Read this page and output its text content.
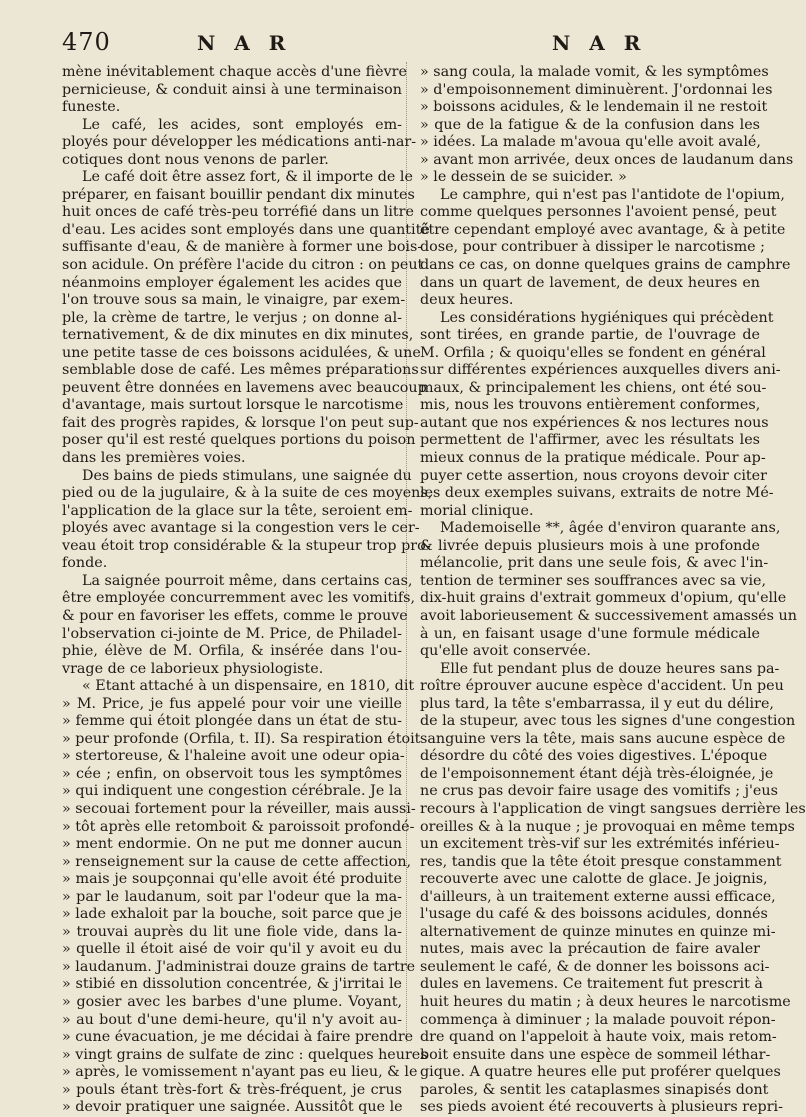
470	N A R	N A R
mène inévitablement chaque accès d'une fièvre
pernicieuse, & conduit ainsi à une terminaison
funeste.
Le café, les acides, sont employés em-
ployés pour développer les médications anti-nar-
cotiques dont nous venons de parler.
Le café doit être assez fort, & il importe de le
préparer, en faisant bouillir pendant dix minutes
huit onces de café très-peu torréfié dans un litre
d'eau. Les acides sont employés dans une quantité
suffisante d'eau, & de manière à former une bois-
son acidule. On préfère l'acide du citron : on peut
néanmoins employer également les acides que
l'on trouve sous sa main, le vinaigre, par exem-
ple, la crème de tartre, le verjus ; on donne al-
ternativement, & de dix minutes en dix minutes,
une petite tasse de ces boissons acidulées, & une
semblable dose de café. Les mêmes préparations
peuvent être données en lavemens avec beaucoup
d'avantage, mais surtout lorsque le narcotisme
fait des progrès rapides, & lorsque l'on peut sup-
poser qu'il est resté quelques portions du poison
dans les premières voies.
Des bains de pieds stimulans, une saignée du
pied ou de la jugulaire, & à la suite de ces moyens,
l'application de la glace sur la tête, seroient em-
ployés avec avantage si la congestion vers le cer-
veau étoit trop considérable & la stupeur trop pro-
fonde.
La saignée pourroit même, dans certains cas,
être employée concurremment avec les vomitifs,
& pour en favoriser les effets, comme le prouve
l'observation ci-jointe de M. Price, de Philadel-
phie, élève de M. Orfila, & insérée dans l'ou-
vrage de ce laborieux physiologiste.
« Etant attaché à un dispensaire, en 1810, dit
» M. Price, je fus appelé pour voir une vieille
» femme qui étoit plongée dans un état de stu-
» peur profonde (Orfila, t. II). Sa respiration étoit
» stertoreuse, & l'haleine avoit une odeur opia-
» cée ; enfin, on observoit tous les symptômes
» qui indiquent une congestion cérébrale. Je la
» secouai fortement pour la réveiller, mais aussi-
» tôt après elle retomboit & paroissoit profondé-
» ment endormie. On ne put me donner aucun
» renseignement sur la cause de cette affection,
» mais je soupçonnai qu'elle avoit été produite
» par le laudanum, soit par l'odeur que la ma-
» lade exhaloit par la bouche, soit parce que je
» trouvai auprès du lit une fiole vide, dans la-
» quelle il étoit aisé de voir qu'il y avoit eu du
» laudanum. J'administrai douze grains de tartre
» stibié en dissolution concentrée, & j'irritai le
» gosier avec les barbes d'une plume. Voyant,
» au bout d'une demi-heure, qu'il n'y avoit au-
» cune évacuation, je me décidai à faire prendre
» vingt grains de sulfate de zinc : quelques heures
» après, le vomissement n'ayant pas eu lieu, & le
» pouls étant très-fort & très-fréquent, je crus
» devoir pratiquer une saignée. Aussitôt que le
» sang coula, la malade vomit, & les symptômes
» d'empoisonnement diminuèrent. J'ordonnai les
» boissons acidules, & le lendemain il ne restoit
» que de la fatigue & de la confusion dans les
» idées. La malade m'avoua qu'elle avoit avalé,
» avant mon arrivée, deux onces de laudanum dans
» le dessein de se suicider. »
Le camphre, qui n'est pas l'antidote de l'opium,
comme quelques personnes l'avoient pensé, peut
être cependant employé avec avantage, & à petite
dose, pour contribuer à dissiper le narcotisme ;
dans ce cas, on donne quelques grains de camphre
dans un quart de lavement, de deux heures en
deux heures.
Les considérations hygiéniques qui précèdent
sont tirées, en grande partie, de l'ouvrage de
M. Orfila ; & quoiqu'elles se fondent en général
sur différentes expériences auxquelles divers ani-
maux, & principalement les chiens, ont été sou-
mis, nous les trouvons entièrement conformes,
autant que nos expériences & nos lectures nous
permettent de l'affirmer, avec les résultats les
mieux connus de la pratique médicale. Pour ap-
puyer cette assertion, nous croyons devoir citer
les deux exemples suivans, extraits de notre Mé-
morial clinique.
Mademoiselle **, âgée d'environ quarante ans,
& livrée depuis plusieurs mois à une profonde
mélancolie, prit dans une seule fois, & avec l'in-
tention de terminer ses souffrances avec sa vie,
dix-huit grains d'extrait gommeux d'opium, qu'elle
avoit laborieusement & successivement amassés un
à un, en faisant usage d'une formule médicale
qu'elle avoit conservée.
Elle fut pendant plus de douze heures sans pa-
roître éprouver aucune espèce d'accident. Un peu
plus tard, la tête s'embarrassa, il y eut du délire,
de la stupeur, avec tous les signes d'une congestion
sanguine vers la tête, mais sans aucune espèce de
désordre du côté des voies digestives. L'époque
de l'empoisonnement étant déjà très-éloignée, je
ne crus pas devoir faire usage des vomitifs ; j'eus
recours à l'application de vingt sangsues derrière les
oreilles & à la nuque ; je provoquai en même temps
un excitement très-vif sur les extrémités inférieu-
res, tandis que la tête étoit presque constamment
recouverte avec une calotte de glace. Je joignis,
d'ailleurs, à un traitement externe aussi efficace,
l'usage du café & des boissons acidules, donnés
alternativement de quinze minutes en quinze mi-
nutes, mais avec la précaution de faire avaler
seulement le café, & de donner les boissons aci-
dules en lavemens. Ce traitement fut prescrit à
huit heures du matin ; à deux heures le narcotisme
commença à diminuer ; la malade pouvoit répon-
dre quand on l'appeloit à haute voix, mais retom-
boit ensuite dans une espèce de sommeil léthar-
gique. A quatre heures elle put proférer quelques
paroles, & sentit les cataplasmes sinapisés dont
ses pieds avoient été recouverts à plusieurs repri-
